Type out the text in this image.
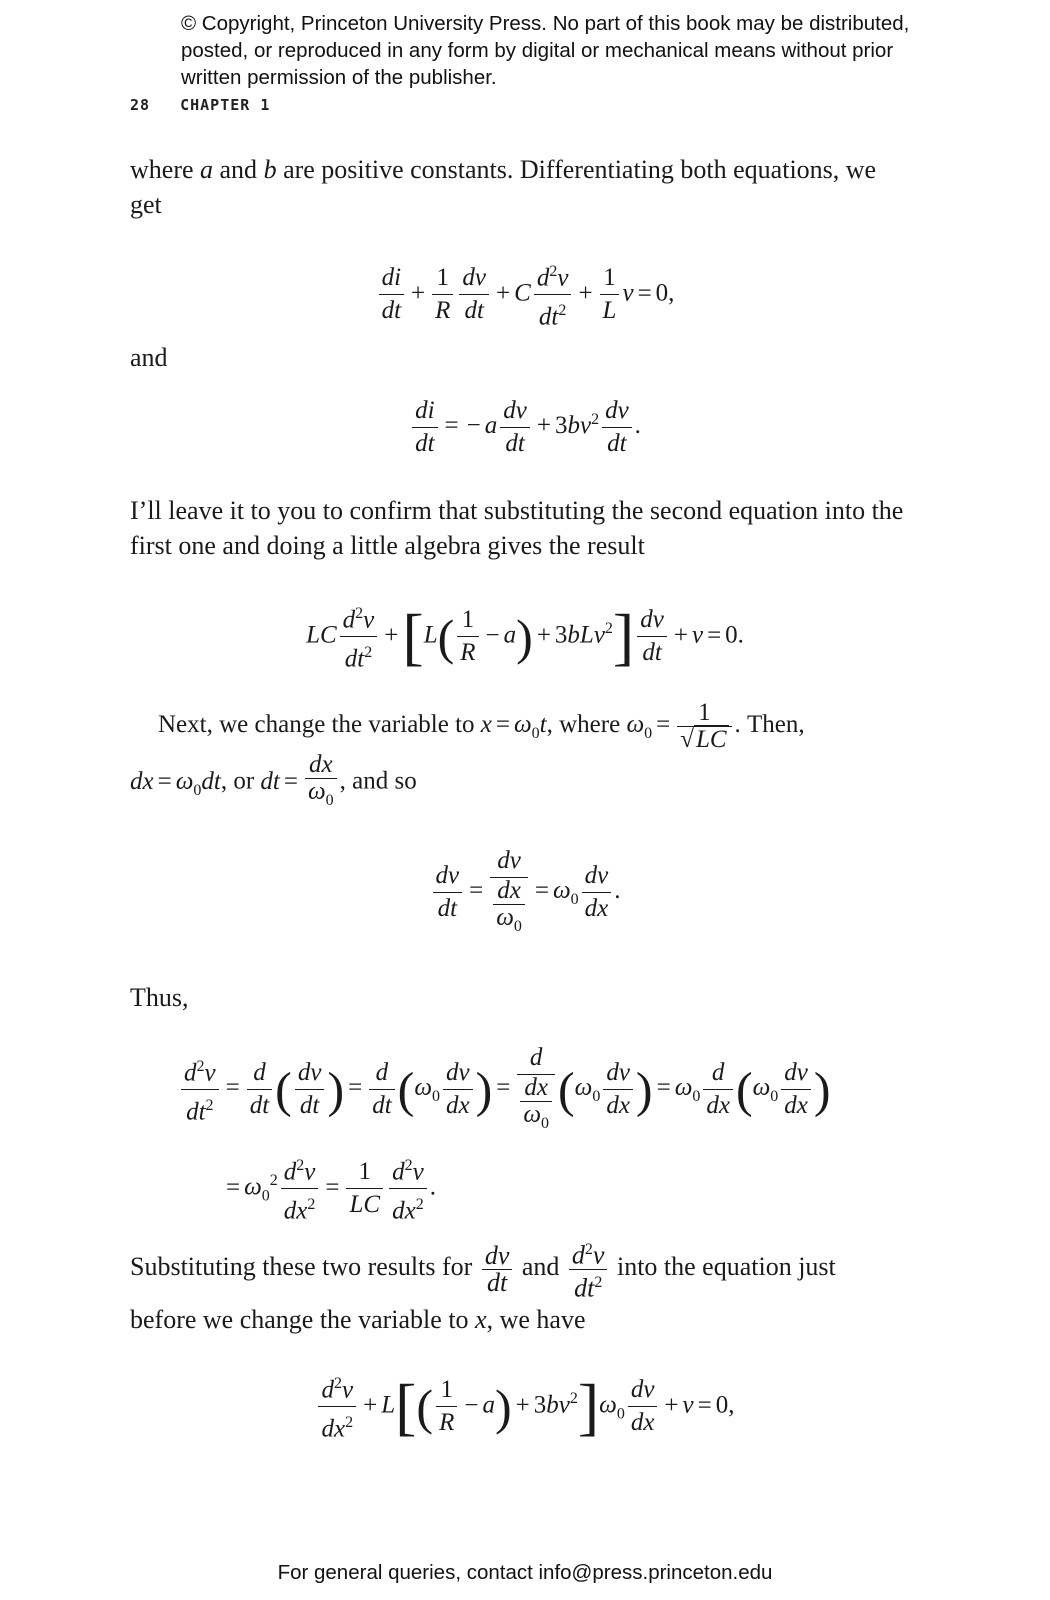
© Copyright, Princeton University Press. No part of this book may be distributed, posted, or reproduced in any form by digital or mechanical means without prior written permission of the publisher.
28 CHAPTER 1
where a and b are positive constants. Differentiating both equations, we get
$\frac{di}{dt} + \frac{1}{R} \frac{dv}{dt} + C \frac{d^2v}{dt^2} + \frac{1}{L}$ v = 0,
and
$\frac{di}{dt}$ = − a $\frac{dv}{dt} + 3bv^2 \frac{dv}{dt}$ .
I’ll leave it to you to confirm that substituting the second equation into the first one and doing a little algebra gives the result
LC $\frac{d^2v}{dt^2} +[L( \frac{1}{R} - a) + 3bLv^2] \frac{dv}{dt} + v = 0$.
Next, we change the variable to $x = \omega_0t$, where $\omega_0 = \frac{1}{√LC}$ . Then,
dx = $\omega_0dt$, or dt = $\frac{dx}{\omega_0}$ , and so
$\frac{dv}{dt} = \frac{dv}{\frac{dx}{\omega_0}} = \omega_0 \frac{dv}{dx}$ .
Thus,
$\frac{d^2v}{dt^2} = \frac{d}{dt}$ ( $\frac{dv}{dt}$ ) = $\frac{d}{dt} (\omega_0 \frac{dv}{dx}$ ) = $\frac{d}{\frac{dx}{\omega_0}} (\omega_0 \frac{dv}{dx}$ ) = $\omega_0 \frac{d}{dx} (\omega_0 \frac{dv}{dx}$ )
= $\omega_0^2 \frac{d^2v}{dx^2} = \frac{1}{LC} \frac{d^2v}{dx^2}$ .
Substituting these two results for $\frac{dv}{dt}$ and $\frac{d^2v}{dt^2}$ into the equation just
before we change the variable to x, we have
$\frac{d^2v}{dx^2} + L[( \frac{1}{R} - a) + 3bv^2]\omega_0 \frac{dv}{dx} + v = 0$,
For general queries, contact info@press.princeton.edu
